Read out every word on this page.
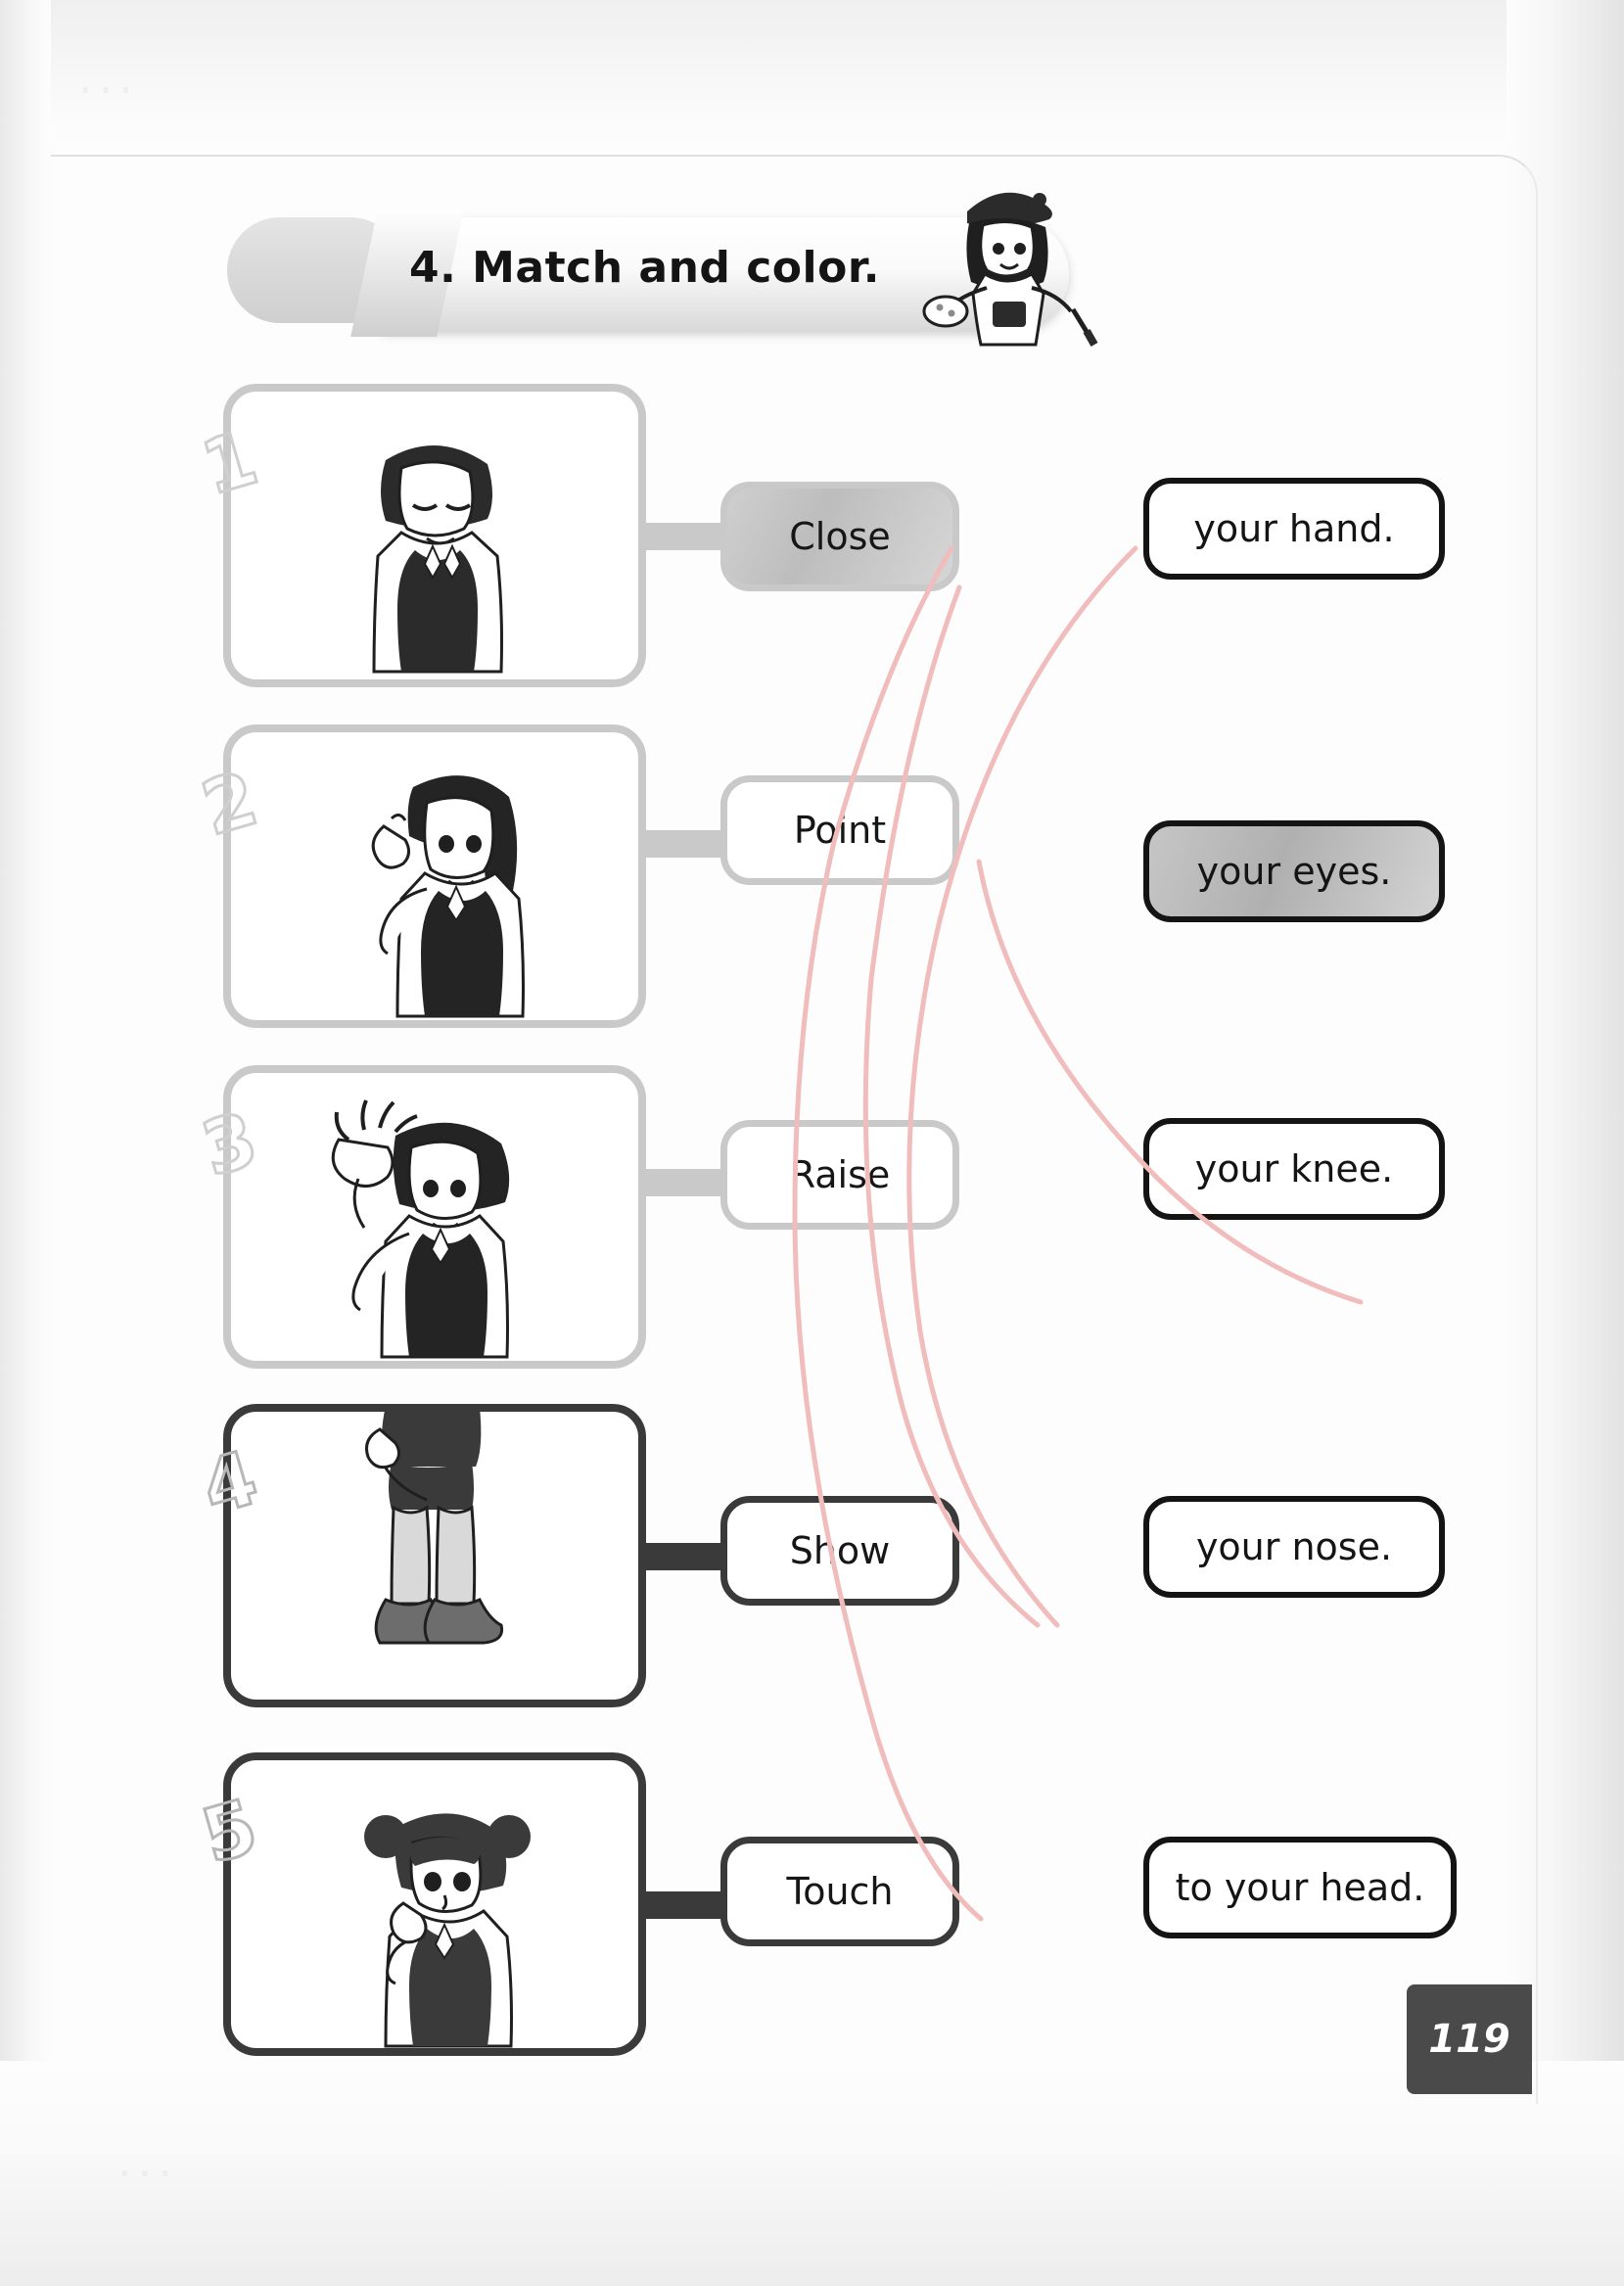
...
...
4. Match and color.
1
Close	your hand.
2	Point
your eyes.
3	Raise	your knee.
4
Show	your nose.
5
Touch	to your head.
119
